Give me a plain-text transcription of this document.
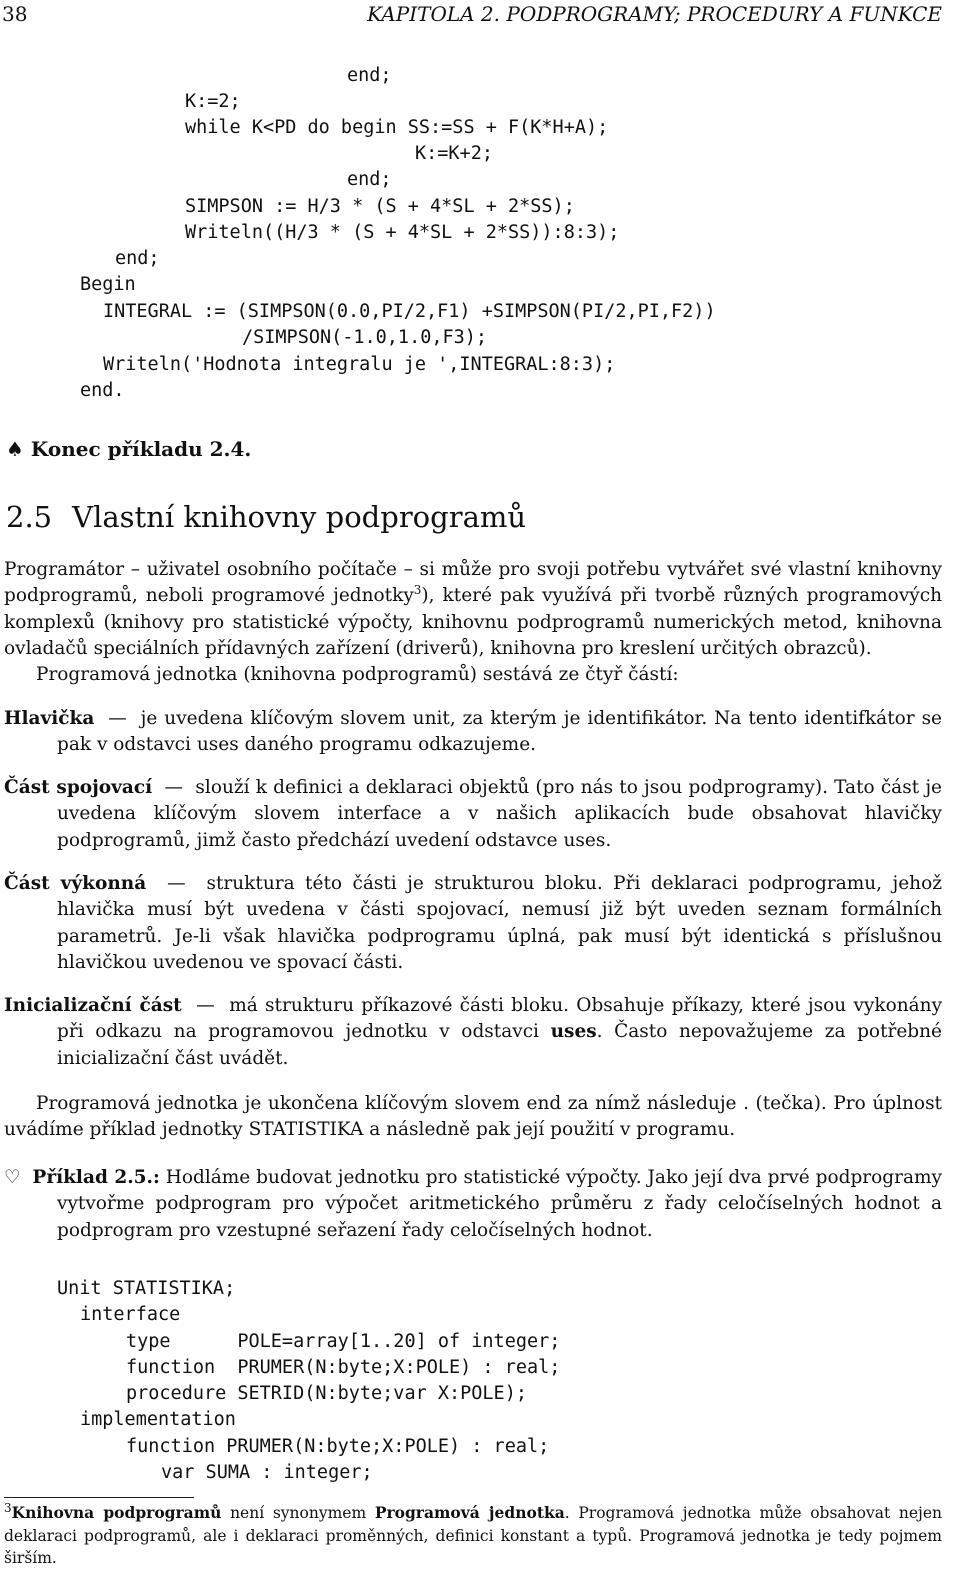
38	KAPITOLA 2. PODPROGRAMY; PROCEDURY A FUNKCE

end;

K:=2;

while K<PD do begin SS:=SS + F(K*H+A);

K:=K+2;

end;

SIMPSON := H/3 * (S + 4*SL + 2*SS);

Writeln((H/3 * (S + 4*SL + 2*SS)):8:3);

end;

Begin

INTEGRAL := (SIMPSON(0.0,PI/2,F1) +SIMPSON(PI/2,PI,F2))

/SIMPSON(-1.0,1.0,F3);

Writeln('Hodnota integralu je ',INTEGRAL:8:3);

end.

♠ Konec příkladu 2.4.
2.5 Vlastní knihovny podprogramů

Programátor – uživatel osobního počítače – si může pro svoji potřebu vytvářet své vlastní knihovny podprogramů, neboli programové jednotky$^3$), které pak využívá při tvorbě různých programových komplexů (knihovy pro statistické výpočty, knihovnu podprogramů numerických metod, knihovna ovladačů speciálních přídavných zařízení (driverů), knihovna pro kreslení určitých obrazců).

Programová jednotka (knihovna podprogramů) sestává ze čtyř částí:

Hlavička — je uvedena klíčovým slovem unit, za kterým je identifikátor. Na tento identifkátor se pak v odstavci uses daného programu odkazujeme.

Část spojovací — slouží k definici a deklaraci objektů (pro nás to jsou podprogramy). Tato část je uvedena klíčovým slovem interface a v našich aplikacích bude obsahovat hlavičky podprogramů, jimž často předchází uvedení odstavce uses.

Část výkonná — struktura této části je strukturou bloku. Při deklaraci podprogramu, jehož hlavička musí být uvedena v části spojovací, nemusí již být uveden seznam formálních parametrů. Je-li však hlavička podprogramu úplná, pak musí být identická s příslušnou hlavičkou uvedenou ve spovací části.

Inicializační část — má strukturu příkazové části bloku. Obsahuje příkazy, které jsou vykonány při odkazu na programovou jednotku v odstavci uses. Často nepovažujeme za potřebné inicializační část uvádět.

Programová jednotka je ukončena klíčovým slovem end za nímž následuje . (tečka). Pro úplnost uvádíme příklad jednotky STATISTIKA a následně pak její použití v programu.

♡ Příklad 2.5.: Hodláme budovat jednotku pro statistické výpočty. Jako její dva prvé podprogramy vytvořme podprogram pro výpočet aritmetického průměru z řady celočíselných hodnot a podprogram pro vzestupné seřazení řady celočíselných hodnot.

Unit STATISTIKA;

interface

type      POLE=array[1..20] of integer;

function  PRUMER(N:byte;X:POLE) : real;

procedure SETRID(N:byte;var X:POLE);

implementation

function PRUMER(N:byte;X:POLE) : real;

var SUMA : integer;

$^3$Knihovna podprogramů není synonymem Programová jednotka. Programová jednotka může obsahovat nejen deklaraci podprogramů, ale i deklaraci proměnných, definici konstant a typů. Programová jednotka je tedy pojmem širším.
